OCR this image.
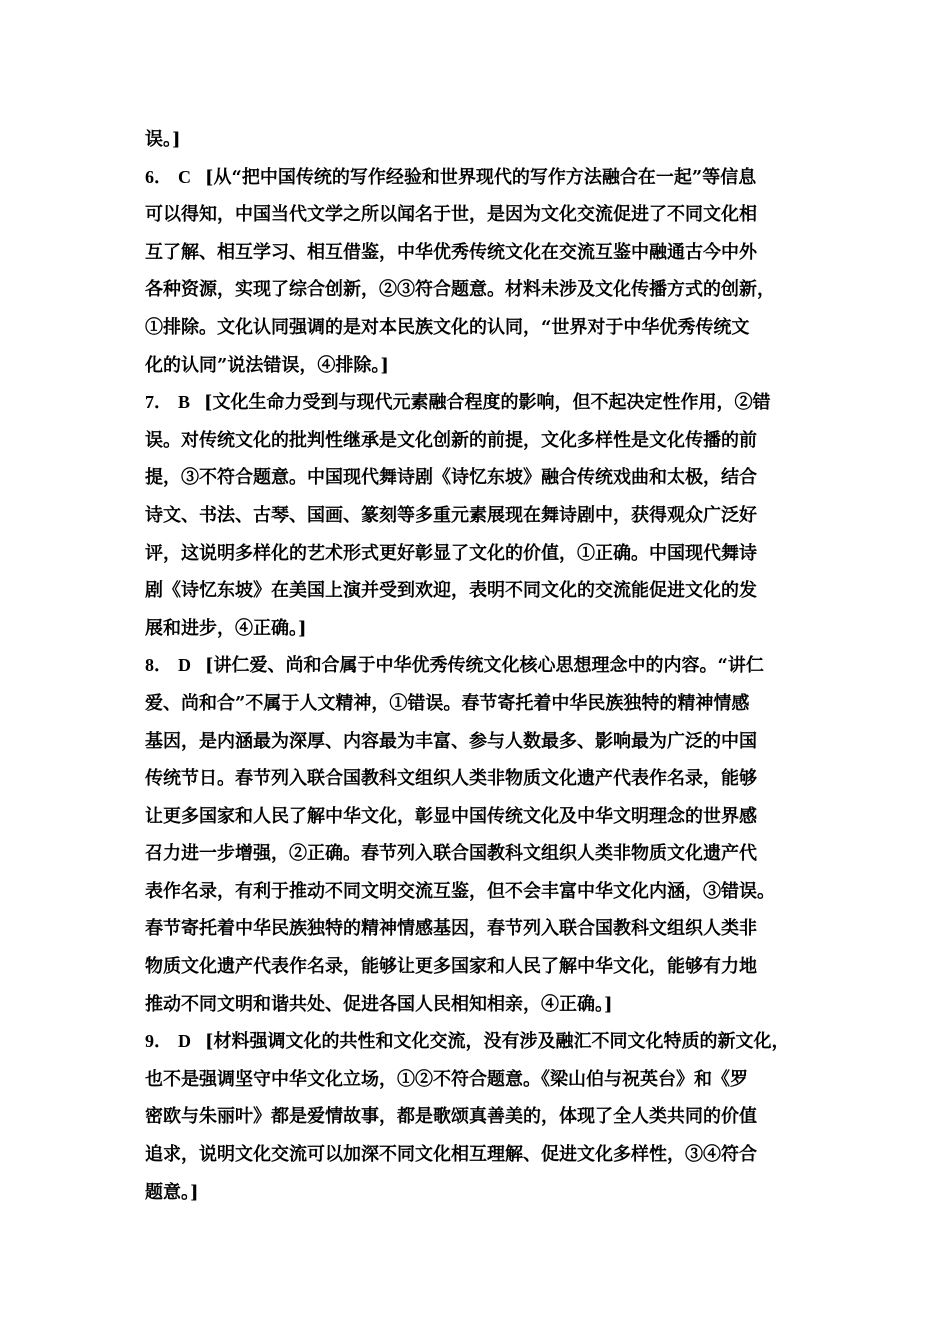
误。]
6． C [从“把中国传统的写作经验和世界现代的写作方法融合在一起”等信息
可以得知，中国当代文学之所以闻名于世，是因为文化交流促进了不同文化相
互了解、相互学习、相互借鉴，中华优秀传统文化在交流互鉴中融通古今中外
各种资源，实现了综合创新，②③符合题意。材料未涉及文化传播方式的创新，
①排除。文化认同强调的是对本民族文化的认同，“世界对于中华优秀传统文
化的认同”说法错误，④排除。]
7． B [文化生命力受到与现代元素融合程度的影响，但不起决定性作用，②错
误。对传统文化的批判性继承是文化创新的前提，文化多样性是文化传播的前
提，③不符合题意。中国现代舞诗剧《诗忆东坡》融合传统戏曲和太极，结合
诗文、书法、古琴、国画、篆刻等多重元素展现在舞诗剧中，获得观众广泛好
评，这说明多样化的艺术形式更好彰显了文化的价值，①正确。中国现代舞诗
剧《诗忆东坡》在美国上演并受到欢迎，表明不同文化的交流能促进文化的发
展和进步，④正确。]
8． D [讲仁爱、尚和合属于中华优秀传统文化核心思想理念中的内容。“讲仁
爱、尚和合”不属于人文精神，①错误。春节寄托着中华民族独特的精神情感
基因，是内涵最为深厚、内容最为丰富、参与人数最多、影响最为广泛的中国
传统节日。春节列入联合国教科文组织人类非物质文化遗产代表作名录，能够
让更多国家和人民了解中华文化，彰显中国传统文化及中华文明理念的世界感
召力进一步增强，②正确。春节列入联合国教科文组织人类非物质文化遗产代
表作名录，有利于推动不同文明交流互鉴，但不会丰富中华文化内涵，③错误。
春节寄托着中华民族独特的精神情感基因，春节列入联合国教科文组织人类非
物质文化遗产代表作名录，能够让更多国家和人民了解中华文化，能够有力地
推动不同文明和谐共处、促进各国人民相知相亲，④正确。]
9． D [材料强调文化的共性和文化交流，没有涉及融汇不同文化特质的新文化，
也不是强调坚守中华文化立场，①②不符合题意。《梁山伯与祝英台》和《罗
密欧与朱丽叶》都是爱情故事，都是歌颂真善美的，体现了全人类共同的价值
追求，说明文化交流可以加深不同文化相互理解、促进文化多样性，③④符合
题意。]
